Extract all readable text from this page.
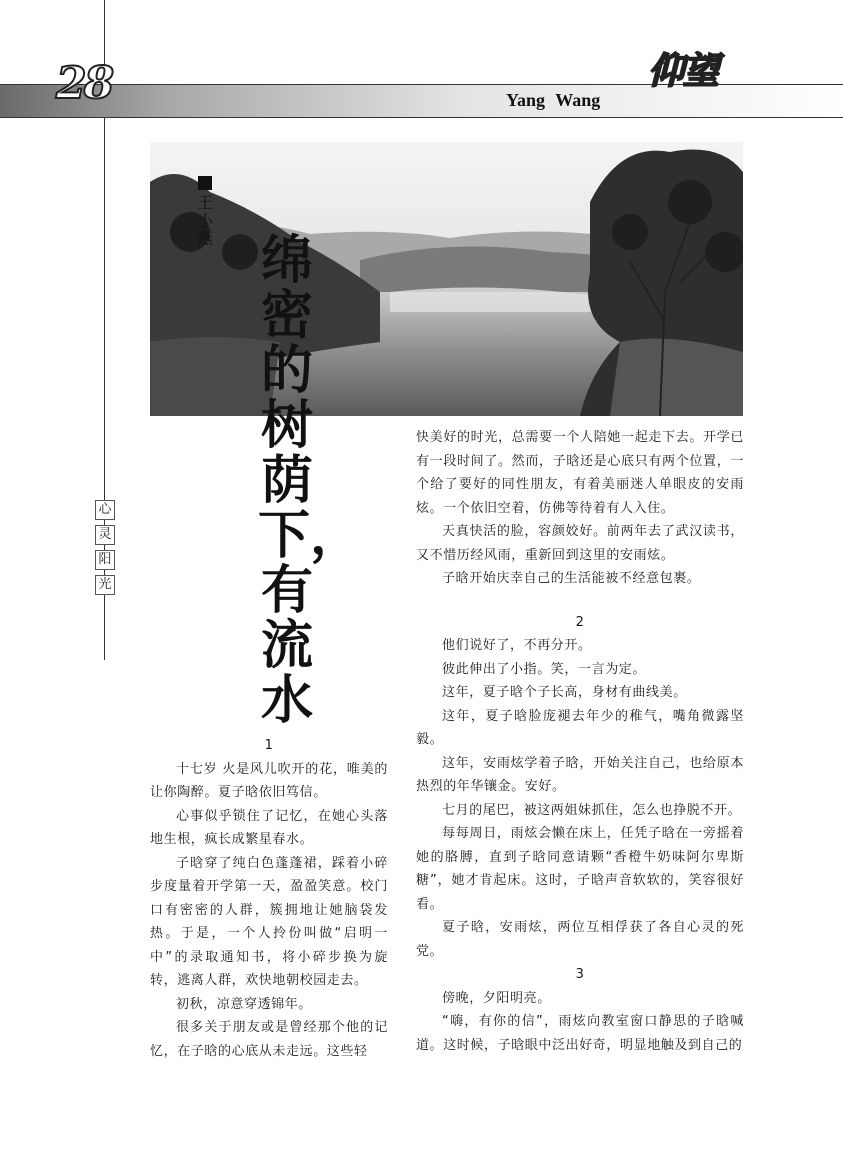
28	仰望
Yang Wang
王小燕 绵密的树荫下，有流水
心
灵
阳
光

1

十七岁 火是风儿吹开的花，唯美的让你陶醉。夏子晗依旧笃信。

心事似乎锁住了记忆，在她心头落地生根，疯长成繁星春水。

子晗穿了纯白色蓬蓬裙，踩着小碎步度量着开学第一天，盈盈笑意。校门口有密密的人群，簇拥地让她脑袋发热。于是，一个人拎份叫做“启明一中”的录取通知书，将小碎步换为旋转，逃离人群，欢快地朝校园走去。

初秋，凉意穿透锦年。

很多关于朋友或是曾经那个他的记忆，在子晗的心底从未走远。这些轻

快美好的时光，总需要一个人陪她一起走下去。开学已有一段时间了。然而，子晗还是心底只有两个位置，一个给了要好的同性朋友，有着美丽迷人单眼皮的安雨炫。一个依旧空着，仿佛等待着有人入住。

天真快活的脸，容颜姣好。前两年去了武汉读书，又不惜历经风雨，重新回到这里的安雨炫。

子晗开始庆幸自己的生活能被不经意包裹。

2

他们说好了，不再分开。

彼此伸出了小指。笑，一言为定。

这年，夏子晗个子长高，身材有曲线美。

这年，夏子晗脸庞褪去年少的稚气，嘴角微露坚毅。

这年，安雨炫学着子晗，开始关注自己，也给原本热烈的年华镶金。安好。

七月的尾巴，被这两姐妹抓住，怎么也挣脱不开。

每每周日，雨炫会懒在床上，任凭子晗在一旁摇着她的胳膊，直到子晗同意请颗“香橙牛奶味阿尔卑斯糖”，她才肯起床。这时，子晗声音软软的，笑容很好看。

夏子晗，安雨炫，两位互相俘获了各自心灵的死党。

3

傍晚，夕阳明亮。

“嗨，有你的信”，雨炫向教室窗口静思的子晗喊道。这时候，子晗眼中泛出好奇，明显地触及到自己的
